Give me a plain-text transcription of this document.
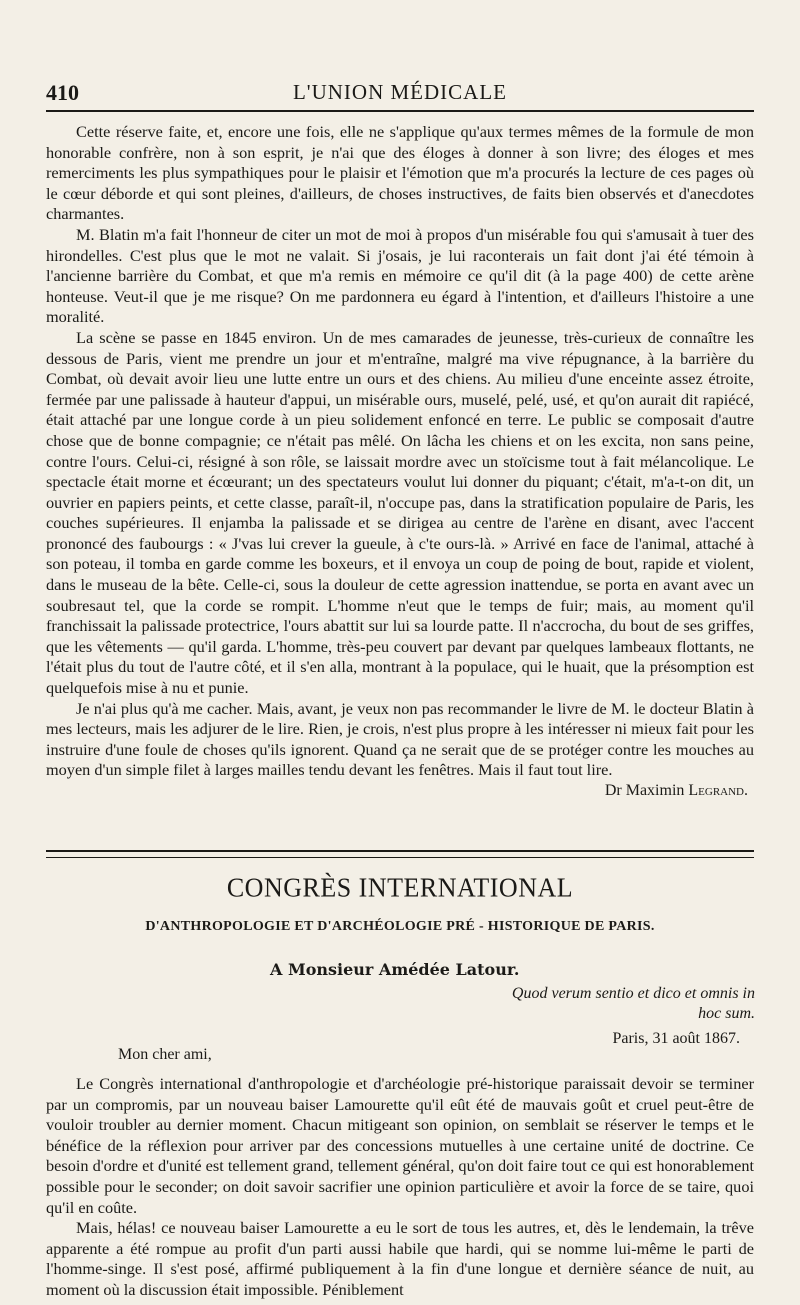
410	L'UNION MÉDICALE

Cette réserve faite, et, encore une fois, elle ne s'applique qu'aux termes mêmes de la formule de mon honorable confrère, non à son esprit, je n'ai que des éloges à donner à son livre; des éloges et mes remerciments les plus sympathiques pour le plaisir et l'émotion que m'a procurés la lecture de ces pages où le cœur déborde et qui sont pleines, d'ailleurs, de choses instructives, de faits bien observés et d'anecdotes charmantes.

M. Blatin m'a fait l'honneur de citer un mot de moi à propos d'un misérable fou qui s'amusait à tuer des hirondelles. C'est plus que le mot ne valait. Si j'osais, je lui raconterais un fait dont j'ai été témoin à l'ancienne barrière du Combat, et que m'a remis en mémoire ce qu'il dit (à la page 400) de cette arène honteuse. Veut-il que je me risque? On me pardonnera eu égard à l'intention, et d'ailleurs l'histoire a une moralité.

La scène se passe en 1845 environ. Un de mes camarades de jeunesse, très-curieux de connaître les dessous de Paris, vient me prendre un jour et m'entraîne, malgré ma vive répugnance, à la barrière du Combat, où devait avoir lieu une lutte entre un ours et des chiens. Au milieu d'une enceinte assez étroite, fermée par une palissade à hauteur d'appui, un misérable ours, muselé, pelé, usé, et qu'on aurait dit rapiécé, était attaché par une longue corde à un pieu solidement enfoncé en terre. Le public se composait d'autre chose que de bonne compagnie; ce n'était pas mêlé. On lâcha les chiens et on les excita, non sans peine, contre l'ours. Celui-ci, résigné à son rôle, se laissait mordre avec un stoïcisme tout à fait mélancolique. Le spectacle était morne et écœurant; un des spectateurs voulut lui donner du piquant; c'était, m'a-t-on dit, un ouvrier en papiers peints, et cette classe, paraît-il, n'occupe pas, dans la stratification populaire de Paris, les couches supérieures. Il enjamba la palissade et se dirigea au centre de l'arène en disant, avec l'accent prononcé des faubourgs : « J'vas lui crever la gueule, à c'te ours-là. » Arrivé en face de l'animal, attaché à son poteau, il tomba en garde comme les boxeurs, et il envoya un coup de poing de bout, rapide et violent, dans le museau de la bête. Celle-ci, sous la douleur de cette agression inattendue, se porta en avant avec un soubresaut tel, que la corde se rompit. L'homme n'eut que le temps de fuir; mais, au moment qu'il franchissait la palissade protectrice, l'ours abattit sur lui sa lourde patte. Il n'accrocha, du bout de ses griffes, que les vêtements — qu'il garda. L'homme, très-peu couvert par devant par quelques lambeaux flottants, ne l'était plus du tout de l'autre côté, et il s'en alla, montrant à la populace, qui le huait, que la présomption est quelquefois mise à nu et punie.

Je n'ai plus qu'à me cacher. Mais, avant, je veux non pas recommander le livre de M. le docteur Blatin à mes lecteurs, mais les adjurer de le lire. Rien, je crois, n'est plus propre à les intéresser ni mieux fait pour les instruire d'une foule de choses qu'ils ignorent. Quand ça ne serait que de se protéger contre les mouches au moyen d'un simple filet à larges mailles tendu devant les fenêtres. Mais il faut tout lire.

Dr Maximin Legrand.
CONGRÈS INTERNATIONAL
D'ANTHROPOLOGIE ET D'ARCHÉOLOGIE PRÉ - HISTORIQUE DE PARIS.
A Monsieur Amédée Latour.
Quod verum sentio et dico et omnis in hoc sum.
Paris, 31 août 1867.
Mon cher ami,

Le Congrès international d'anthropologie et d'archéologie pré-historique paraissait devoir se terminer par un compromis, par un nouveau baiser Lamourette qu'il eût été de mauvais goût et cruel peut-être de vouloir troubler au dernier moment. Chacun mitigeant son opinion, on semblait se réserver le temps et le bénéfice de la réflexion pour arriver par des concessions mutuelles à une certaine unité de doctrine. Ce besoin d'ordre et d'unité est tellement grand, tellement général, qu'on doit faire tout ce qui est honorablement possible pour le seconder; on doit savoir sacrifier une opinion particulière et avoir la force de se taire, quoi qu'il en coûte.

Mais, hélas! ce nouveau baiser Lamourette a eu le sort de tous les autres, et, dès le lendemain, la trêve apparente a été rompue au profit d'un parti aussi habile que hardi, qui se nomme lui-même le parti de l'homme-singe. Il s'est posé, affirmé publiquement à la fin d'une longue et dernière séance de nuit, au moment où la discussion était impossible. Péniblement
